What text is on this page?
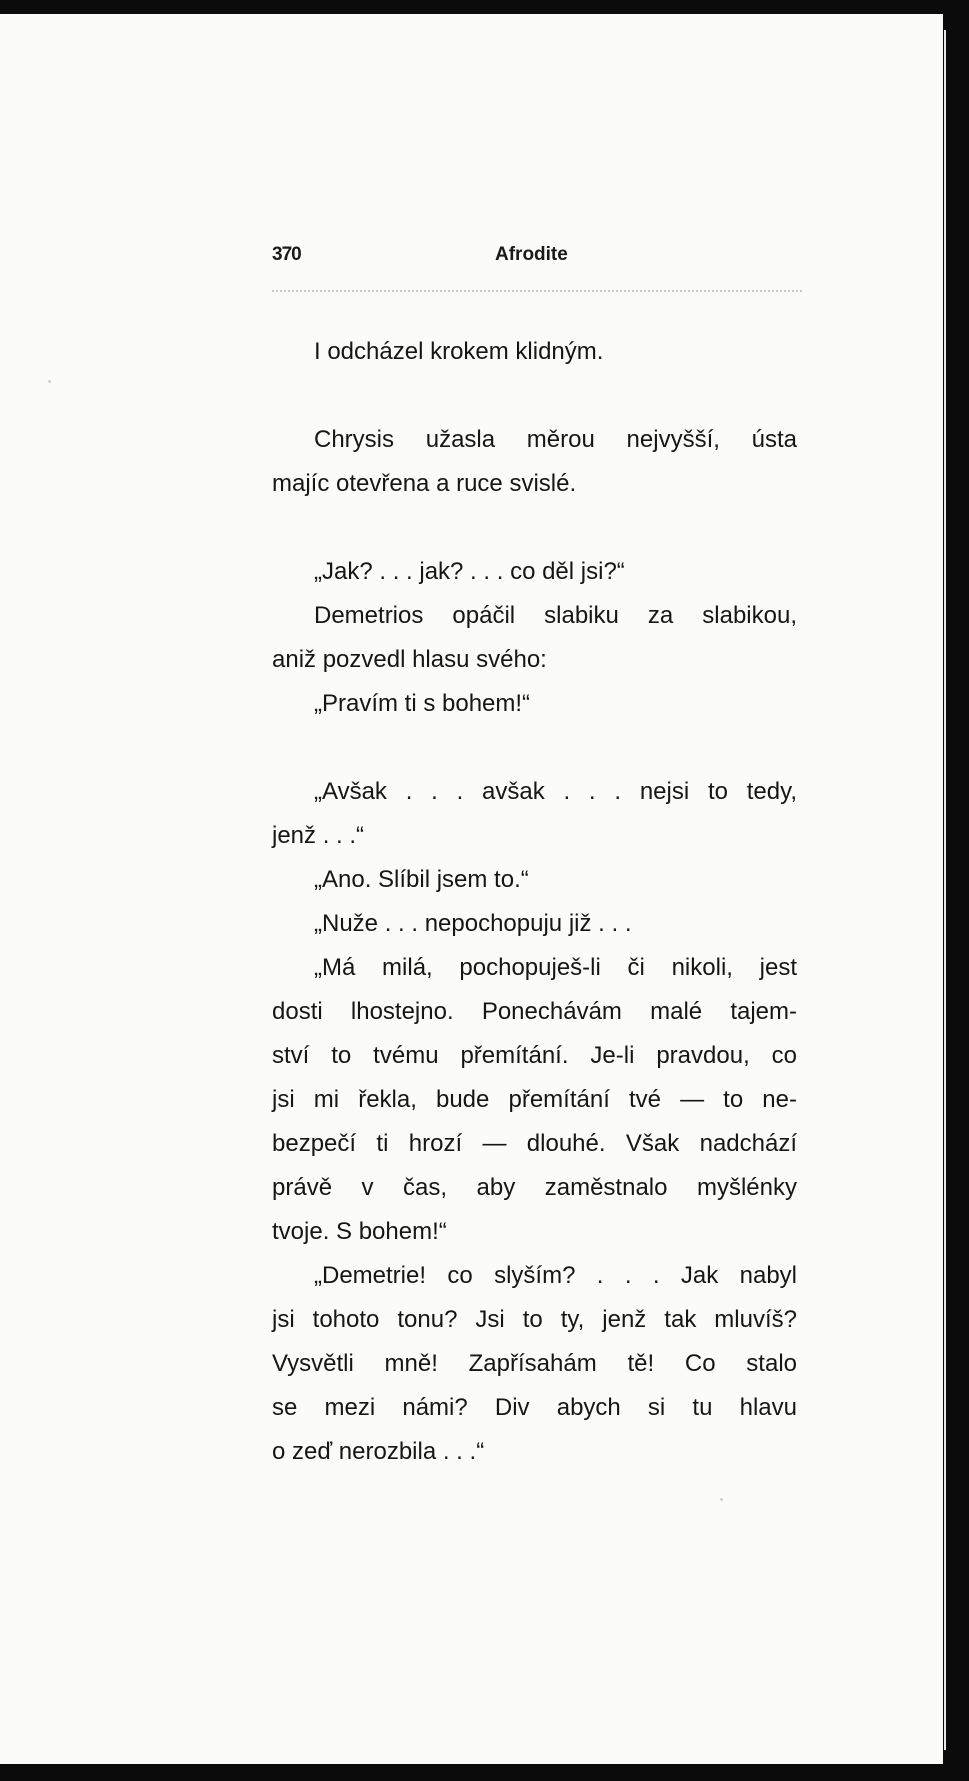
370	Afrodite
I odcházel krokem klidným.
Chrysis užasla měrou nejvyšší, ústa
majíc otevřena a ruce svislé.
„Jak? . . . jak? . . . co děl jsi?“
Demetrios opáčil slabiku za slabikou,
aniž pozvedl hlasu svého:
„Pravím ti s bohem!“
„Avšak . . . avšak . . . nejsi to tedy,
jenž . . .“
„Ano. Slíbil jsem to.“
„Nuže . . . nepochopuju již . . .
„Má milá, pochopuješ-li či nikoli, jest
dosti lhostejno. Ponechávám malé tajem-
ství to tvému přemítání. Je-li pravdou, co
jsi mi řekla, bude přemítání tvé — to ne-
bezpečí ti hrozí — dlouhé. Však nadchází
právě v čas, aby zaměstnalo myšlénky
tvoje. S bohem!“
„Demetrie! co slyším? . . . Jak nabyl
jsi tohoto tonu? Jsi to ty, jenž tak mluvíš?
Vysvětli mně! Zapřísahám tě! Co stalo
se mezi námi? Div abych si tu hlavu
o zeď nerozbila . . .“
